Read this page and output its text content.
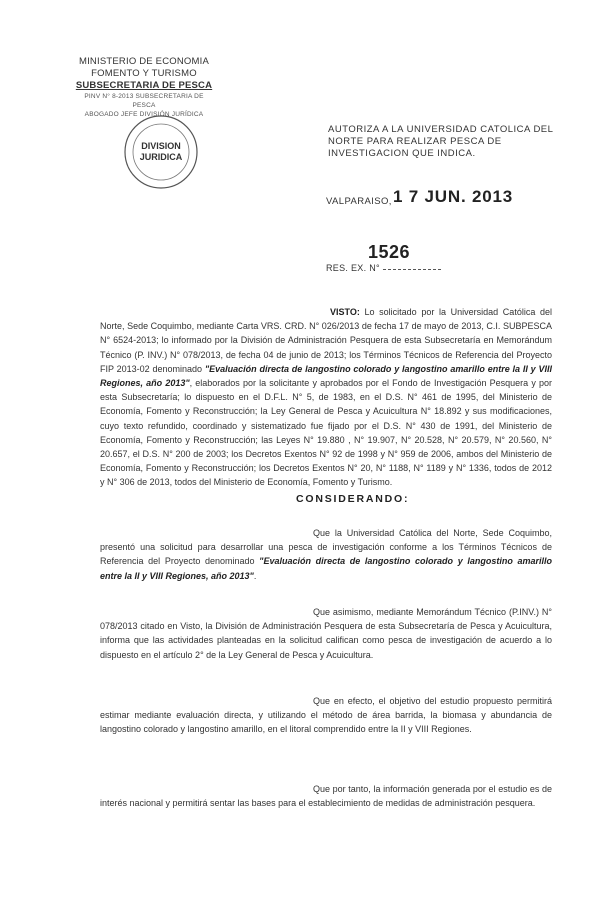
MINISTERIO DE ECONOMIA
FOMENTO Y TURISMO
SUBSECRETARIA DE PESCA
PINV N° 8-2013 SUBSECRETARIA DE PESCA
ABOGADO JEFE DIVISIÓN JURÍDICA
DIVISION
JURIDICA
AUTORIZA A LA UNIVERSIDAD CATOLICA DEL NORTE PARA REALIZAR PESCA DE INVESTIGACION QUE INDICA.
VALPARAISO, 1 7 JUN. 2013
1526
RES. EX. N°
VISTO: Lo solicitado por la Universidad Católica del Norte, Sede Coquimbo, mediante Carta VRS. CRD. N° 026/2013 de fecha 17 de mayo de 2013, C.I. SUBPESCA N° 6524-2013; lo informado por la División de Administración Pesquera de esta Subsecretaría en Memorándum Técnico (P. INV.) N° 078/2013, de fecha 04 de junio de 2013; los Términos Técnicos de Referencia del Proyecto FIP 2013-02 denominado "Evaluación directa de langostino colorado y langostino amarillo entre la II y VIII Regiones, año 2013", elaborados por la solicitante y aprobados por el Fondo de Investigación Pesquera y por esta Subsecretaría; lo dispuesto en el D.F.L. N° 5, de 1983, en el D.S. N° 461 de 1995, del Ministerio de Economía, Fomento y Reconstrucción; la Ley General de Pesca y Acuicultura N° 18.892 y sus modificaciones, cuyo texto refundido, coordinado y sistematizado fue fijado por el D.S. N° 430 de 1991, del Ministerio de Economía, Fomento y Reconstrucción; las Leyes N° 19.880 , N° 19.907, N° 20.528, N° 20.579, N° 20.560, N° 20.657, el D.S. N° 200 de 2003; los Decretos Exentos N° 92 de 1998 y N° 959 de 2006, ambos del Ministerio de Economía, Fomento y Reconstrucción; los Decretos Exentos N° 20, N° 1188, N° 1189 y N° 1336, todos de 2012 y N° 306 de 2013, todos del Ministerio de Economía, Fomento y Turismo.
CONSIDERANDO:
Que la Universidad Católica del Norte, Sede Coquimbo, presentó una solicitud para desarrollar una pesca de investigación conforme a los Términos Técnicos de Referencia del Proyecto denominado "Evaluación directa de langostino colorado y langostino amarillo entre la II y VIII Regiones, año 2013".
Que asimismo, mediante Memorándum Técnico (P.INV.) N° 078/2013 citado en Visto, la División de Administración Pesquera de esta Subsecretaría de Pesca y Acuicultura, informa que las actividades planteadas en la solicitud califican como pesca de investigación de acuerdo a lo dispuesto en el artículo 2° de la Ley General de Pesca y Acuicultura.
Que en efecto, el objetivo del estudio propuesto permitirá estimar mediante evaluación directa, y utilizando el método de área barrida, la biomasa y abundancia de langostino colorado y langostino amarillo, en el litoral comprendido entre la II y VIII Regiones.
Que por tanto, la información generada por el estudio es de interés nacional y permitirá sentar las bases para el establecimiento de medidas de administración pesquera.
